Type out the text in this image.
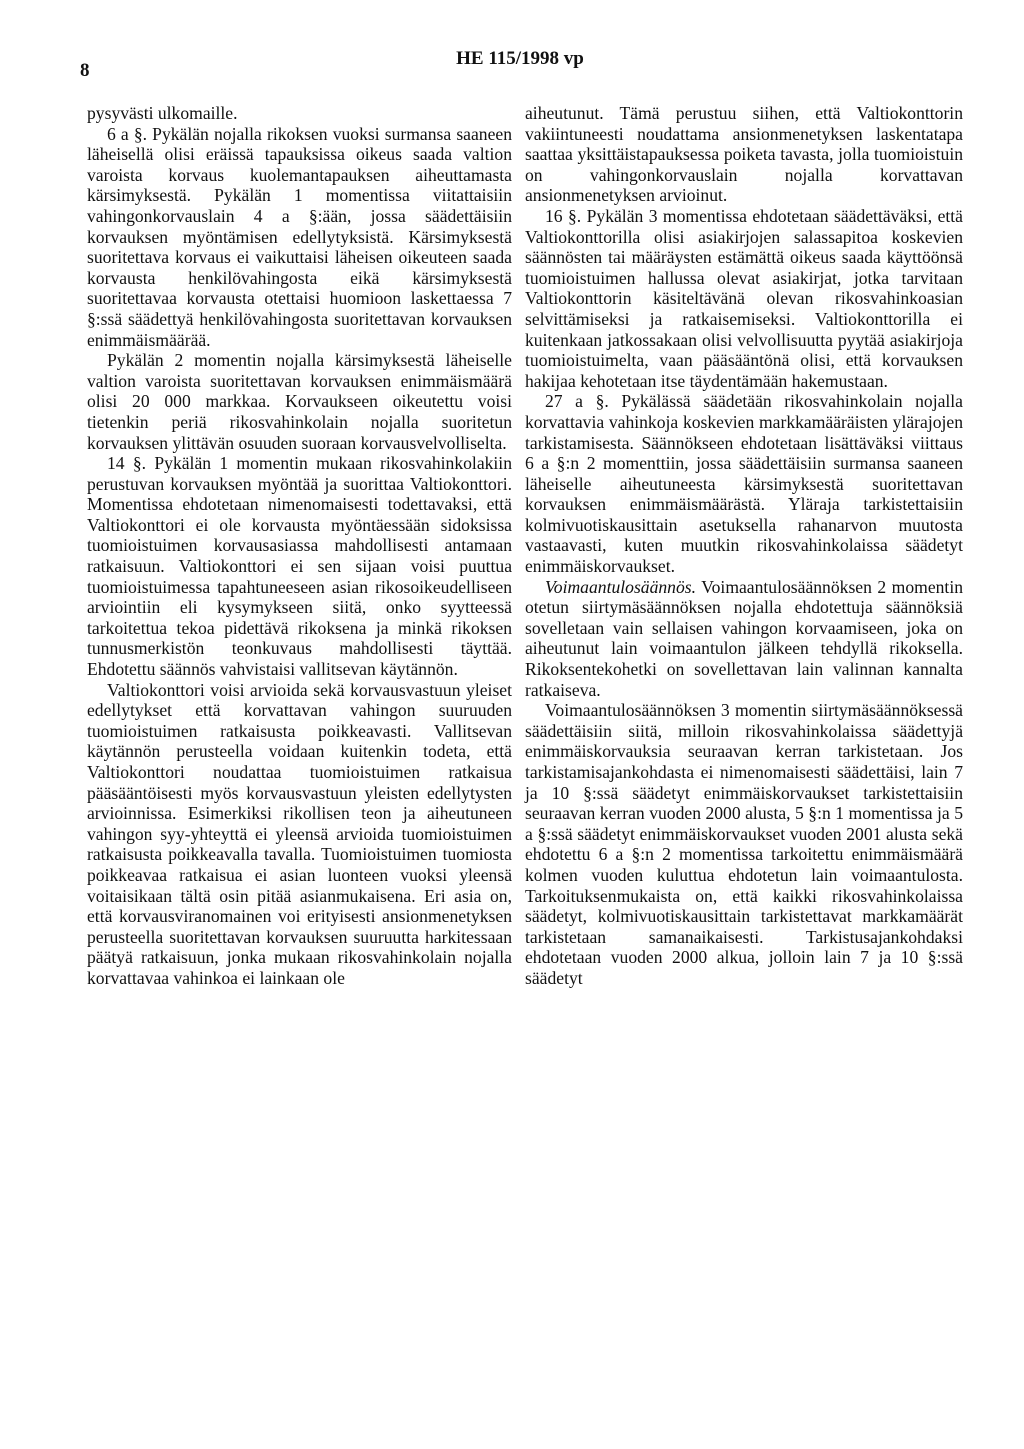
8
HE 115/1998 vp

pysyvästi ulkomaille.

6 a §. Pykälän nojalla rikoksen vuoksi surmansa saaneen läheisellä olisi eräissä tapauksissa oikeus saada valtion varoista korvaus kuolemantapauksen aiheuttamasta kärsimyksestä. Pykälän 1 momentissa viitattaisiin vahingonkorvauslain 4 a §:ään, jossa säädettäisiin korvauksen myöntämisen edellytyksistä. Kärsimyksestä suoritettava korvaus ei vaikuttaisi läheisen oikeuteen saada korvausta henkilövahingosta eikä kärsimyksestä suoritettavaa korvausta otettaisi huomioon laskettaessa 7 §:ssä säädettyä henkilövahingosta suoritettavan korvauksen enimmäismäärää.

Pykälän 2 momentin nojalla kärsimyksestä läheiselle valtion varoista suoritettavan korvauksen enimmäismäärä olisi 20 000 markkaa. Korvaukseen oikeutettu voisi tietenkin periä rikosvahinkolain nojalla suoritetun korvauksen ylittävän osuuden suoraan korvausvelvolliselta.

14 §. Pykälän 1 momentin mukaan rikosvahinkolakiin perustuvan korvauksen myöntää ja suorittaa Valtiokonttori. Momentissa ehdotetaan nimenomaisesti todettavaksi, että Valtiokonttori ei ole korvausta myöntäessään sidoksissa tuomioistuimen korvausasiassa mahdollisesti antamaan ratkaisuun. Valtiokonttori ei sen sijaan voisi puuttua tuomioistuimessa tapahtuneeseen asian rikosoikeudelliseen arviointiin eli kysymykseen siitä, onko syytteessä tarkoitettua tekoa pidettävä rikoksena ja minkä rikoksen tunnusmerkistön teonkuvaus mahdollisesti täyttää. Ehdotettu säännös vahvistaisi vallitsevan käytännön.

Valtiokonttori voisi arvioida sekä korvausvastuun yleiset edellytykset että korvattavan vahingon suuruuden tuomioistuimen ratkaisusta poikkeavasti. Vallitsevan käytännön perusteella voidaan kuitenkin todeta, että Valtiokonttori noudattaa tuomioistuimen ratkaisua pääsääntöisesti myös korvausvastuun yleisten edellytysten arvioinnissa. Esimerkiksi rikollisen teon ja aiheutuneen vahingon syy-yhteyttä ei yleensä arvioida tuomioistuimen ratkaisusta poikkeavalla tavalla. Tuomioistuimen tuomiosta poikkeavaa ratkaisua ei asian luonteen vuoksi yleensä voitaisikaan tältä osin pitää asianmukaisena. Eri asia on, että korvausviranomainen voi erityisesti ansionmenetyksen perusteella suoritettavan korvauksen suuruutta harkitessaan päätyä ratkaisuun, jonka mukaan rikosvahinkolain nojalla korvattavaa vahinkoa ei lainkaan ole

aiheutunut. Tämä perustuu siihen, että Valtiokonttorin vakiintuneesti noudattama ansionmenetyksen laskentatapa saattaa yksittäistapauksessa poiketa tavasta, jolla tuomioistuin on vahingonkorvauslain nojalla korvattavan ansionmenetyksen arvioinut.

16 §. Pykälän 3 momentissa ehdotetaan säädettäväksi, että Valtiokonttorilla olisi asiakirjojen salassapitoa koskevien säännösten tai määräysten estämättä oikeus saada käyttöönsä tuomioistuimen hallussa olevat asiakirjat, jotka tarvitaan Valtiokonttorin käsiteltävänä olevan rikosvahinkoasian selvittämiseksi ja ratkaisemiseksi. Valtiokonttorilla ei kuitenkaan jatkossakaan olisi velvollisuutta pyytää asiakirjoja tuomioistuimelta, vaan pääsääntönä olisi, että korvauksen hakijaa kehotetaan itse täydentämään hakemustaan.

27 a §. Pykälässä säädetään rikosvahinkolain nojalla korvattavia vahinkoja koskevien markkamääräisten ylärajojen tarkistamisesta. Säännökseen ehdotetaan lisättäväksi viittaus 6 a §:n 2 momenttiin, jossa säädettäisiin surmansa saaneen läheiselle aiheutuneesta kärsimyksestä suoritettavan korvauksen enimmäismäärästä. Yläraja tarkistettaisiin kolmivuotiskausittain asetuksella rahanarvon muutosta vastaavasti, kuten muutkin rikosvahinkolaissa säädetyt enimmäiskorvaukset.

Voimaantulosäännös. Voimaantulosäännöksen 2 momentin otetun siirtymäsäännöksen nojalla ehdotettuja säännöksiä sovelletaan vain sellaisen vahingon korvaamiseen, joka on aiheutunut lain voimaantulon jälkeen tehdyllä rikoksella. Rikoksentekohetki on sovellettavan lain valinnan kannalta ratkaiseva.

Voimaantulosäännöksen 3 momentin siirtymäsäännöksessä säädettäisiin siitä, milloin rikosvahinkolaissa säädettyjä enimmäiskorvauksia seuraavan kerran tarkistetaan. Jos tarkistamisajankohdasta ei nimenomaisesti säädettäisi, lain 7 ja 10 §:ssä säädetyt enimmäiskorvaukset tarkistettaisiin seuraavan kerran vuoden 2000 alusta, 5 §:n 1 momentissa ja 5 a §:ssä säädetyt enimmäiskorvaukset vuoden 2001 alusta sekä ehdotettu 6 a §:n 2 momentissa tarkoitettu enimmäismäärä kolmen vuoden kuluttua ehdotetun lain voimaantulosta. Tarkoituksenmukaista on, että kaikki rikosvahinkolaissa säädetyt, kolmivuotiskausittain tarkistettavat markkamäärät tarkistetaan samanaikaisesti. Tarkistusajankohdaksi ehdotetaan vuoden 2000 alkua, jolloin lain 7 ja 10 §:ssä säädetyt
